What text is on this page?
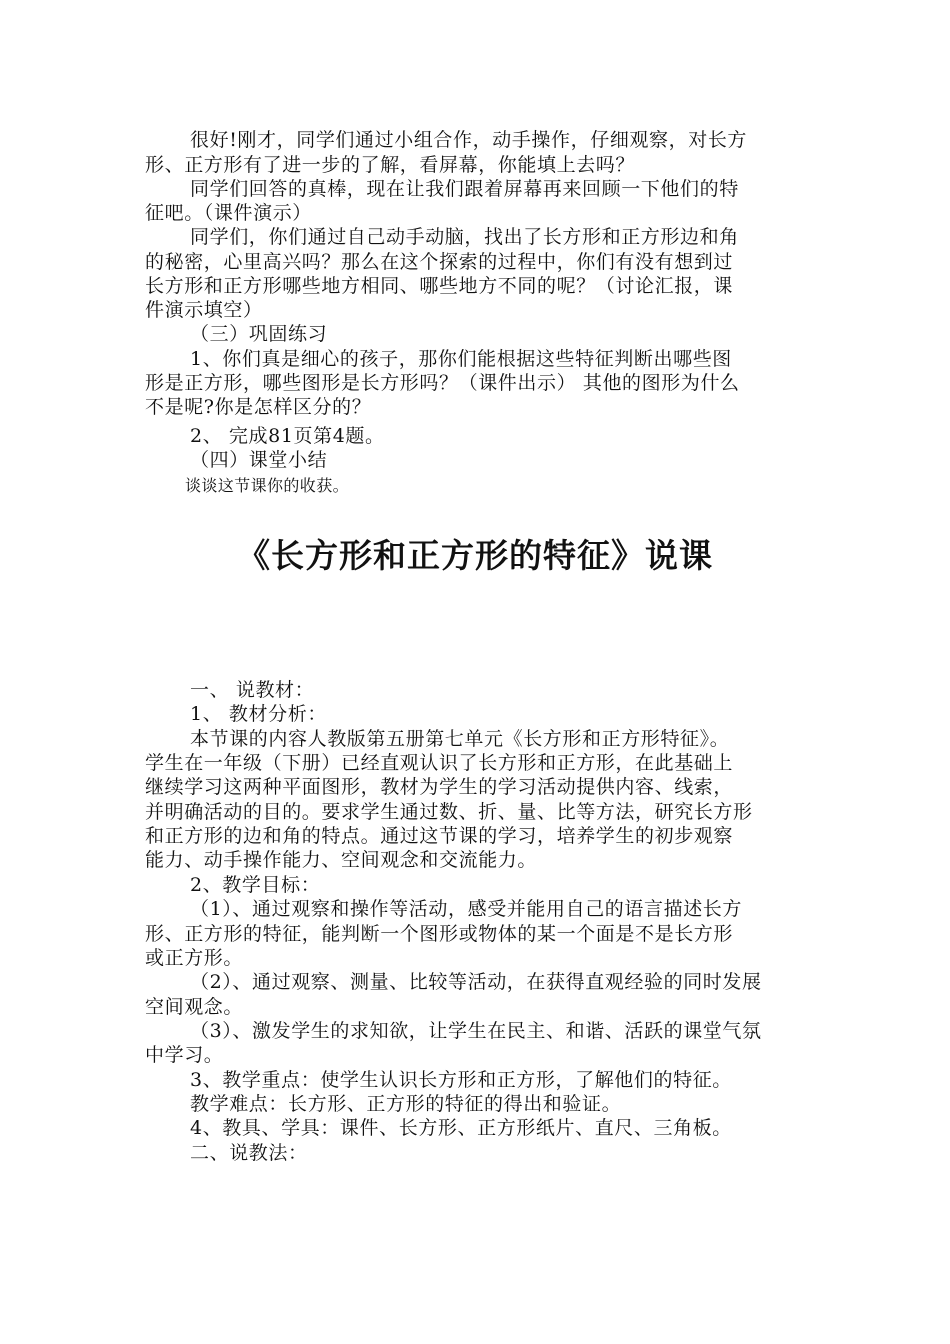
很好!刚才，同学们通过小组合作，动手操作，仔细观察，对长方
形、正方形有了进一步的了解，看屏幕，你能填上去吗？
同学们回答的真棒，现在让我们跟着屏幕再来回顾一下他们的特
征吧。（课件演示）
同学们，你们通过自己动手动脑，找出了长方形和正方形边和角
的秘密，心里高兴吗？那么在这个探索的过程中，你们有没有想到过
长方形和正方形哪些地方相同、哪些地方不同的呢？（讨论汇报，课
件演示填空）
（三）巩固练习
1、你们真是细心的孩子，那你们能根据这些特征判断出哪些图
形是正方形，哪些图形是长方形吗？（课件出示） 其他的图形为什么
不是呢?你是怎样区分的？
2、 完成81页第4题。
（四）课堂小结
谈谈这节课你的收获。
《长方形和正方形的特征》说课
一、 说教材：
1、 教材分析：
本节课的内容人教版第五册第七单元《长方形和正方形特征》。
学生在一年级（下册）已经直观认识了长方形和正方形，在此基础上
继续学习这两种平面图形，教材为学生的学习活动提供内容、线索，
并明确活动的目的。要求学生通过数、折、量、比等方法，研究长方形
和正方形的边和角的特点。通过这节课的学习，培养学生的初步观察
能力、动手操作能力、空间观念和交流能力。
2、教学目标：
（1）、通过观察和操作等活动，感受并能用自己的语言描述长方
形、正方形的特征，能判断一个图形或物体的某一个面是不是长方形
或正方形。
（2）、通过观察、测量、比较等活动，在获得直观经验的同时发展
空间观念。
（3）、激发学生的求知欲，让学生在民主、和谐、活跃的课堂气氛
中学习。
3、教学重点：使学生认识长方形和正方形，了解他们的特征。
教学难点：长方形、正方形的特征的得出和验证。
4、教具、学具：课件、长方形、正方形纸片、直尺、三角板。
二、说教法：
